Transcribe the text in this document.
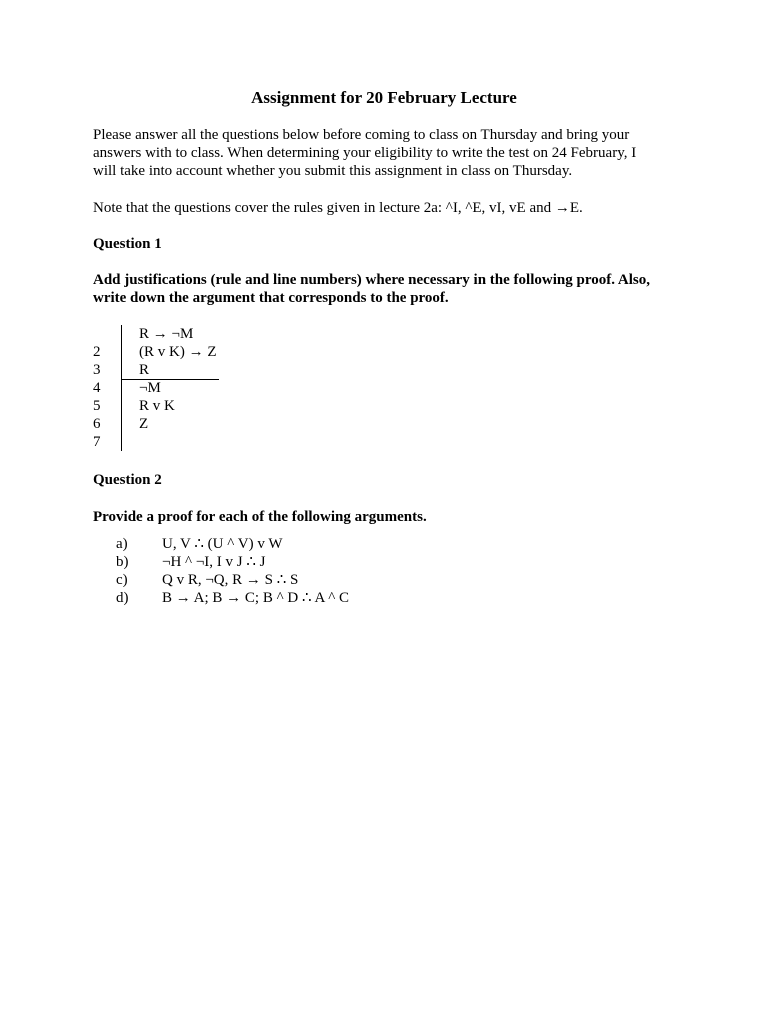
Assignment for 20 February Lecture
Please answer all the questions below before coming to class on Thursday and bring your
answers with to class. When determining your eligibility to write the test on 24 February, I
will take into account whether you submit this assignment in class on Thursday.
Note that the questions cover the rules given in lecture 2a: ^I, ^E, vI, vE and →E.
Question 1
Add justifications (rule and line numbers) where necessary in the following proof. Also,
write down the argument that corresponds to the proof.
R → ¬M
2	(R v K) → Z
3	R
4	¬M
5	R v K
6	Z
7
Question 2
Provide a proof for each of the following arguments.
a) U, V ∴ (U ^ V) v W
b) ¬H ^ ¬I, I v J ∴ J
c) Q v R, ¬Q, R → S ∴ S
d) B → A; B → C; B ^ D ∴ A ^ C
